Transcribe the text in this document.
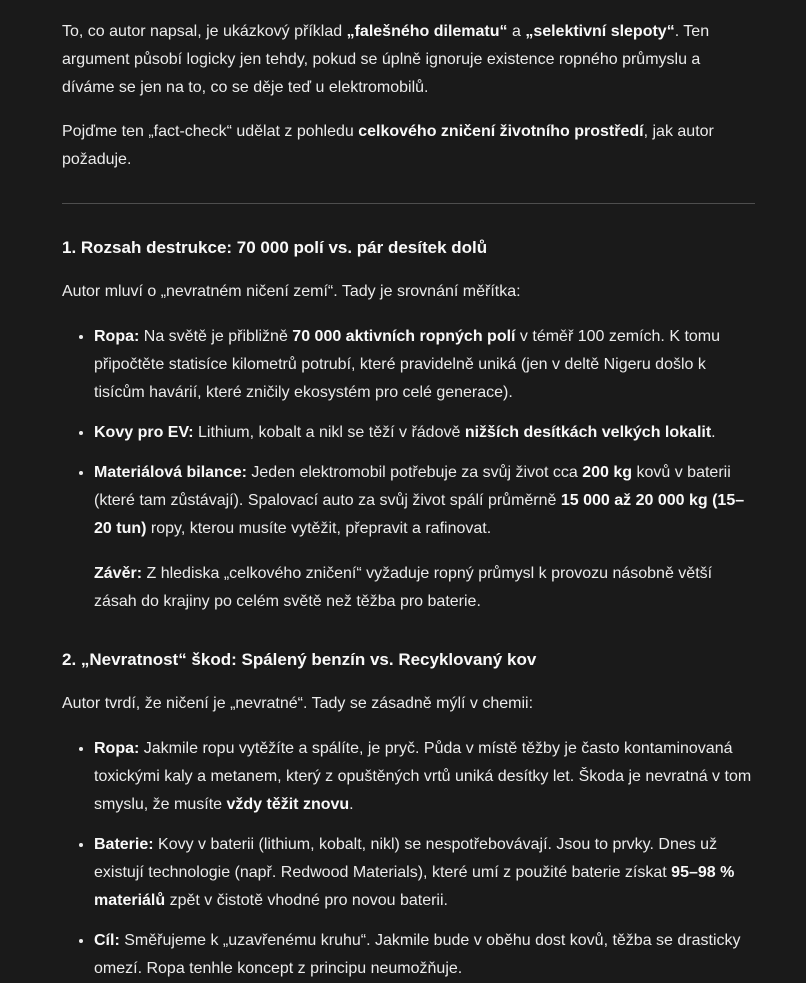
To, co autor napsal, je ukázkový příklad „falešného dilematu“ a „selektivní slepoty“. Ten argument působí logicky jen tehdy, pokud se úplně ignoruje existence ropného průmyslu a díváme se jen na to, co se děje teď u elektromobilů.

Pojďme ten „fact-check“ udělat z pohledu celkového zničení životního prostředí, jak autor požaduje.

1. Rozsah destrukce: 70 000 polí vs. pár desítek dolů

Autor mluví o „nevratném ničení zemí“. Tady je srovnání měřítka:

• Ropa: Na světě je přibližně 70 000 aktivních ropných polí v téměř 100 zemích. K tomu připočtěte statisíce kilometrů potrubí, které pravidelně uniká (jen v deltě Nigeru došlo k tisícům havárií, které zničily ekosystém pro celé generace).

• Kovy pro EV: Lithium, kobalt a nikl se těží v řádově nižších desítkách velkých lokalit.

• Materiálová bilance: Jeden elektromobil potřebuje za svůj život cca 200 kg kovů v baterii (které tam zůstávají). Spalovací auto za svůj život spálí průměrně 15 000 až 20 000 kg (15–20 tun) ropy, kterou musíte vytěžit, přepravit a rafinovat.

Závěr: Z hlediska „celkového zničení“ vyžaduje ropný průmysl k provozu násobně větší zásah do krajiny po celém světě než těžba pro baterie.

2. „Nevratnost“ škod: Spálený benzín vs. Recyklovaný kov

Autor tvrdí, že ničení je „nevratné“. Tady se zásadně mýlí v chemii:

• Ropa: Jakmile ropu vytěžíte a spálíte, je pryč. Půda v místě těžby je často kontaminovaná toxickými kaly a metanem, který z opuštěných vrtů uniká desítky let. Škoda je nevratná v tom smyslu, že musíte vždy těžit znovu.

• Baterie: Kovy v baterii (lithium, kobalt, nikl) se nespotřebovávají. Jsou to prvky. Dnes už existují technologie (např. Redwood Materials), které umí z použité baterie získat 95–98 % materiálů zpět v čistotě vhodné pro novou baterii.

• Cíl: Směřujeme k „uzavřenému kruhu“. Jakmile bude v oběhu dost kovů, těžba se drasticky omezí. Ropa tenhle koncept z principu neumožňuje.
